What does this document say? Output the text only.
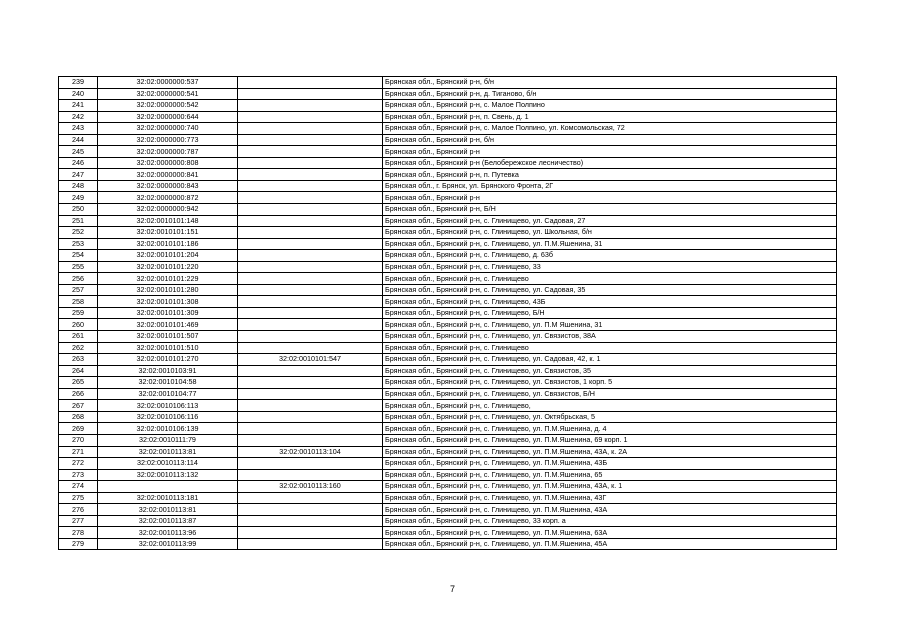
239	32:02:0000000:537		Брянская обл., Брянский р-н, б/н
240	32:02:0000000:541		Брянская обл., Брянский р-н, д. Тиганово, б/н
241	32:02:0000000:542		Брянская обл., Брянский р-н, с. Малое Полпино
242	32:02:0000000:644		Брянская обл., Брянский р-н, п. Свень, д. 1
243	32:02:0000000:740		Брянская обл., Брянский р-н, с. Малое Полпино, ул. Комсомольская, 72
244	32:02:0000000:773		Брянская обл., Брянский р-н, б/н
245	32:02:0000000:787		Брянская обл., Брянский р-н
246	32:02:0000000:808		Брянская обл., Брянский р-н (Белобережское лесничество)
247	32:02:0000000:841		Брянская обл., Брянский р-н, п. Путевка
248	32:02:0000000:843		Брянская обл., г. Брянск, ул. Брянского Фронта, 2Г
249	32:02:0000000:872		Брянская обл., Брянский р-н
250	32:02:0000000:942		Брянская обл., Брянский р-н, Б/Н
251	32:02:0010101:148		Брянская обл., Брянский р-н, с. Глинищево, ул. Садовая, 27
252	32:02:0010101:151		Брянская обл., Брянский р-н, с. Глинищево, ул. Школьная, б/н
253	32:02:0010101:186		Брянская обл., Брянский р-н, с. Глинищево, ул. П.М.Яшенина, 31
254	32:02:0010101:204		Брянская обл., Брянский р-н, с. Глинищево, д. 63б
255	32:02:0010101:220		Брянская обл., Брянский р-н, с. Глинищево, 33
256	32:02:0010101:229		Брянская обл., Брянский р-н, с. Глинищево
257	32:02:0010101:280		Брянская обл., Брянский р-н, с. Глинищево, ул. Садовая, 35
258	32:02:0010101:308		Брянская обл., Брянский р-н, с. Глинищево, 43Б
259	32:02:0010101:309		Брянская обл., Брянский р-н, с. Глинищево, Б/Н
260	32:02:0010101:469		Брянская обл., Брянский р-н, с. Глинищево, ул. П.М Яшенина, 31
261	32:02:0010101:507		Брянская обл., Брянский р-н, с. Глинищево, ул. Связистов, 38А
262	32:02:0010101:510		Брянская обл., Брянский р-н, с. Глинищево
263	32:02:0010101:270	32:02:0010101:547	Брянская обл., Брянский р-н, с. Глинищево, ул. Садовая, 42, к. 1
264	32:02:0010103:91		Брянская обл., Брянский р-н, с. Глинищево, ул. Связистов, 35
265	32:02:0010104:58		Брянская обл., Брянский р-н, с. Глинищево, ул. Связистов, 1 корп. 5
266	32:02:0010104:77		Брянская обл., Брянский р-н, с. Глинищево, ул. Связистов, Б/Н
267	32:02:0010106:113		Брянская обл., Брянский р-н, с. Глинищево,
268	32:02:0010106:116		Брянская обл., Брянский р-н, с. Глинищево, ул. Октябрьская, 5
269	32:02:0010106:139		Брянская обл., Брянский р-н, с. Глинищево, ул. П.М.Яшенина, д. 4
270	32:02:0010111:79		Брянская обл., Брянский р-н, с. Глинищево, ул. П.М.Яшенина, 69 корп. 1
271	32:02:0010113:81	32:02:0010113:104	Брянская обл., Брянский р-н, с. Глинищево, ул. П.М.Яшенина, 43А, к. 2А
272	32:02:0010113:114		Брянская обл., Брянский р-н, с. Глинищево, ул. П.М.Яшенина, 43Б
273	32:02:0010113:132		Брянская обл., Брянский р-н, с. Глинищево, ул. П.М.Яшенина, 65
274		32:02:0010113:160	Брянская обл., Брянский р-н, с. Глинищево, ул. П.М.Яшенина, 43А, к. 1
275	32:02:0010113:181		Брянская обл., Брянский р-н, с. Глинищево, ул. П.М.Яшенина, 43Г
276	32:02:0010113:81		Брянская обл., Брянский р-н, с. Глинищево, ул. П.М.Яшенина, 43А
277	32:02:0010113:87		Брянская обл., Брянский р-н, с. Глинищево, 33 корп. а
278	32:02:0010113:96		Брянская обл., Брянский р-н, с. Глинищево, ул. П.М.Яшенина, 63А
279	32:02:0010113:99		Брянская обл., Брянский р-н, с. Глинищево, ул. П.М.Яшенина, 45А
7
